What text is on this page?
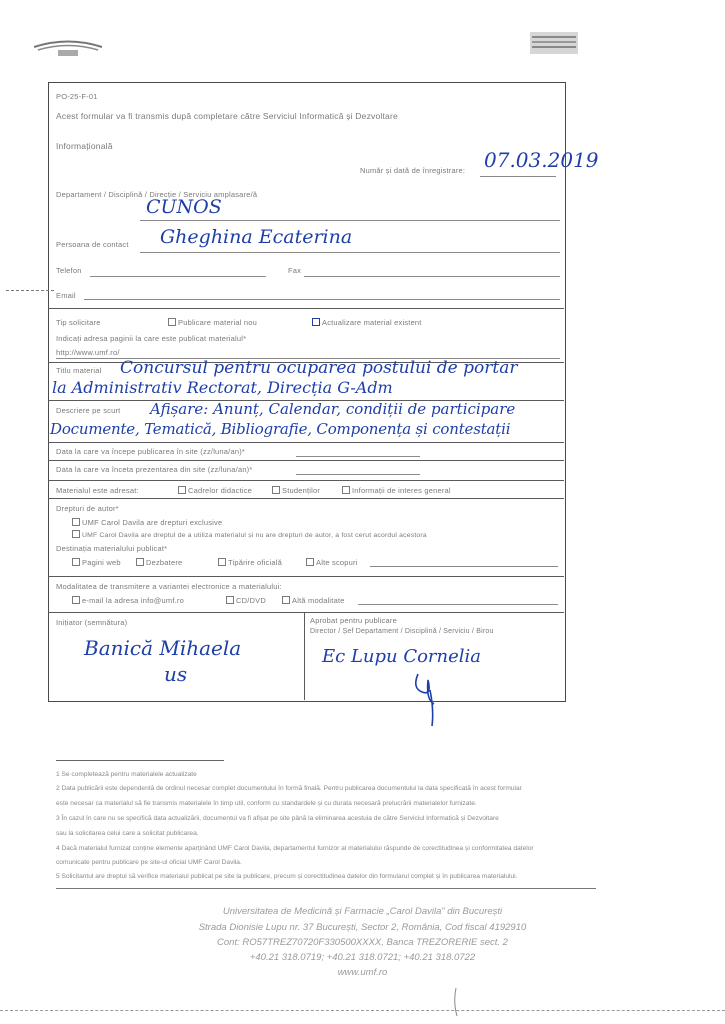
PO-25-F-01
Acest formular va fi transmis după completare către Serviciul Informatică și Dezvoltare
Informațională
Număr și dată de înregistrare: 07.03.2019
Departament / Disciplină / Direcție / Serviciu amplasare/ă
CUNOS
Persoana de contact Gheghina Ecaterina
Telefon	Fax
Email
Tip solicitare	Publicare material nou	Actualizare material existent
Indicați adresa paginii la care este publicat materialul*
http://www.umf.ro/
Titlu material Concursul pentru ocuparea postului de portar
la Administrativ Rectorat, Direcția G-Adm
Descriere pe scurt Afișare: Anunț, Calendar, condiții de participare
Documente, Tematică, Bibliografie, Componența și contestații
Data la care va începe publicarea în site (zz/luna/an)*
Data la care va înceta prezentarea din site (zz/luna/an)*
Materialul este adresat:	Cadrelor didactice	Studenților	Informații de interes general
Drepturi de autor*
UMF Carol Davila are drepturi exclusive
UMF Carol Davila are dreptul de a utiliza materialul și nu are drepturi de autor, a fost cerut acordul acestora
Destinația materialului publicat*
Pagini web	Dezbatere	Tipărire oficială	Alte scopuri
Modalitatea de transmitere a variantei electronice a materialului:
e-mail la adresa info@umf.ro	CD/DVD	Altă modalitate
Inițiator (semnătura)
Banică Mihaela
us
Aprobat pentru publicare
Director / Șef Departament / Disciplină / Serviciu / Birou
Ec Lupu Cornelia
1 Se completează pentru materialele actualizate
2 Data publicării este dependentă de ordinul necesar complet documentului în formă finală. Pentru publicarea documentului la data specificată în acest formular
este necesar ca materialul să fie transmis materialele în timp util, conform cu standardele și cu durata necesară prelucrării materialelor furnizate.
3 În cazul în care nu se specifică data actualizării, documentul va fi afișat pe site până la eliminarea acestuia de către Serviciul Informatică și Dezvoltare
sau la solicitarea celui care a solicitat publicarea.
4 Dacă materialul furnizat conține elemente aparținând UMF Carol Davila, departamentul furnizor al materialului răspunde de corectitudinea și conformitatea datelor
comunicate pentru publicare pe site-ul oficial UMF Carol Davila.
5 Solicitantul are dreptul să verifice materialul publicat pe site la publicare, precum și corectitudinea datelor din formularul complet și în publicarea materialului.
Universitatea de Medicină și Farmacie „Carol Davila” din București
Strada Dionisie Lupu nr. 37 București, Sector 2, România, Cod fiscal 4192910
Cont: RO57TREZ70720F330500XXXX, Banca TREZORERIE sect. 2
+40.21 318.0719; +40.21 318.0721; +40.21 318.0722
www.umf.ro
